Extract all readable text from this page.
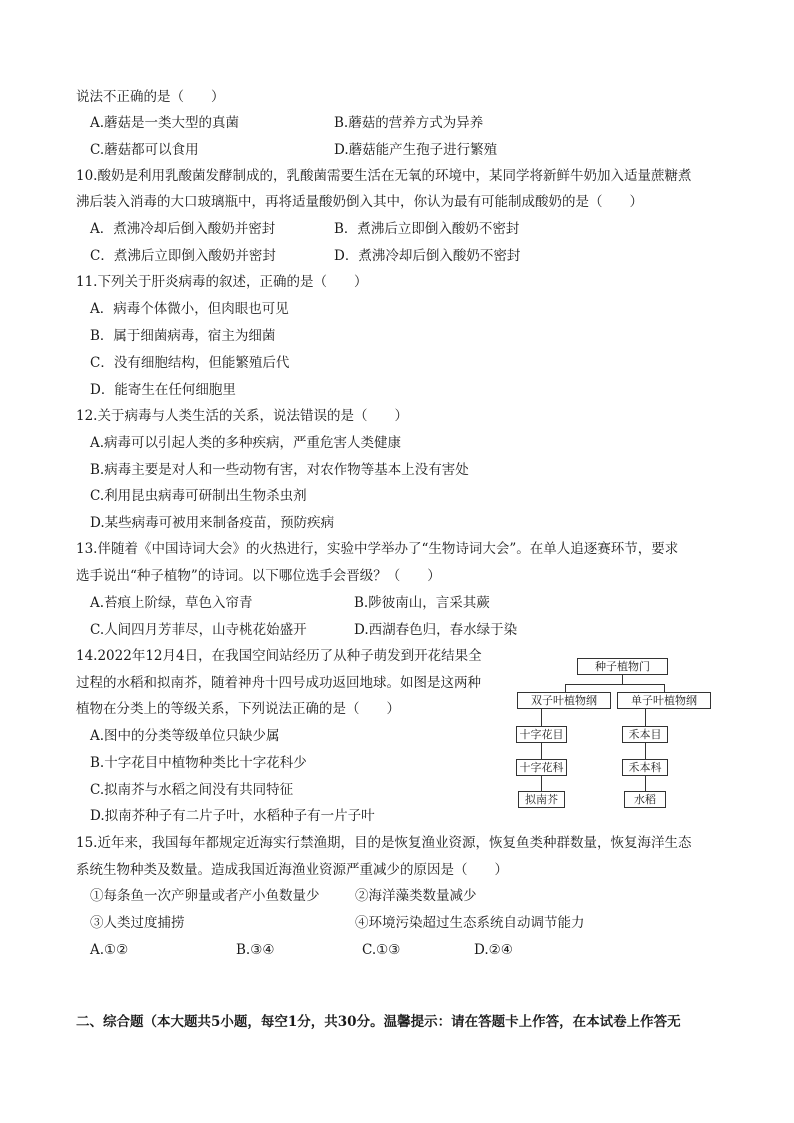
说法不正确的是（　　）
A.蘑菇是一类大型的真菌	B.蘑菇的营养方式为异养
C.蘑菇都可以食用	D.蘑菇能产生孢子进行繁殖
10.酸奶是利用乳酸菌发酵制成的，乳酸菌需要生活在无氧的环境中，某同学将新鲜牛奶加入适量蔗糖煮
沸后装入消毒的大口玻璃瓶中，再将适量酸奶倒入其中，你认为最有可能制成酸奶的是（　　）
A．煮沸冷却后倒入酸奶并密封	B．煮沸后立即倒入酸奶不密封
C．煮沸后立即倒入酸奶并密封	D．煮沸冷却后倒入酸奶不密封
11.下列关于肝炎病毒的叙述，正确的是（　　）
A．病毒个体微小，但肉眼也可见
B．属于细菌病毒，宿主为细菌
C．没有细胞结构，但能繁殖后代
D．能寄生在任何细胞里
12.关于病毒与人类生活的关系，说法错误的是（　　）
A.病毒可以引起人类的多种疾病，严重危害人类健康
B.病毒主要是对人和一些动物有害，对农作物等基本上没有害处
C.利用昆虫病毒可研制出生物杀虫剂
D.某些病毒可被用来制备疫苗，预防疾病
13.伴随着《中国诗词大会》的火热进行，实验中学举办了“生物诗词大会”。在单人追逐赛环节，要求
选手说出“种子植物”的诗词。以下哪位选手会晋级？（　　）
A.苔痕上阶绿，草色入帘青	B.陟彼南山，言采其蕨
C.人间四月芳菲尽，山寺桃花始盛开	D.西湖春色归，春水绿于染
14.2022年12月4日，在我国空间站经历了从种子萌发到开花结果全
过程的水稻和拟南芥，随着神舟十四号成功返回地球。如图是这两种
植物在分类上的等级关系，下列说法正确的是（　　）
A.图中的分类等级单位只缺少属
B.十字花目中植物种类比十字花科少
C.拟南芥与水稻之间没有共同特征
D.拟南芥种子有二片子叶，水稻种子有一片子叶
种子植物门
双子叶植物纲	单子叶植物纲
十字花目	禾本目
十字花科	禾本科
拟南芥	水稻
15.近年来，我国每年都规定近海实行禁渔期，目的是恢复渔业资源，恢复鱼类种群数量，恢复海洋生态
系统生物种类及数量。造成我国近海渔业资源严重减少的原因是（　　）
①每条鱼一次产卵量或者产小鱼数量少	②海洋藻类数量减少
③人类过度捕捞	④环境污染超过生态系统自动调节能力
A.①②	B.③④	C.①③	D.②④
二、综合题（本大题共5小题，每空1分，共30分。温馨提示：请在答题卡上作答，在本试卷上作答无
